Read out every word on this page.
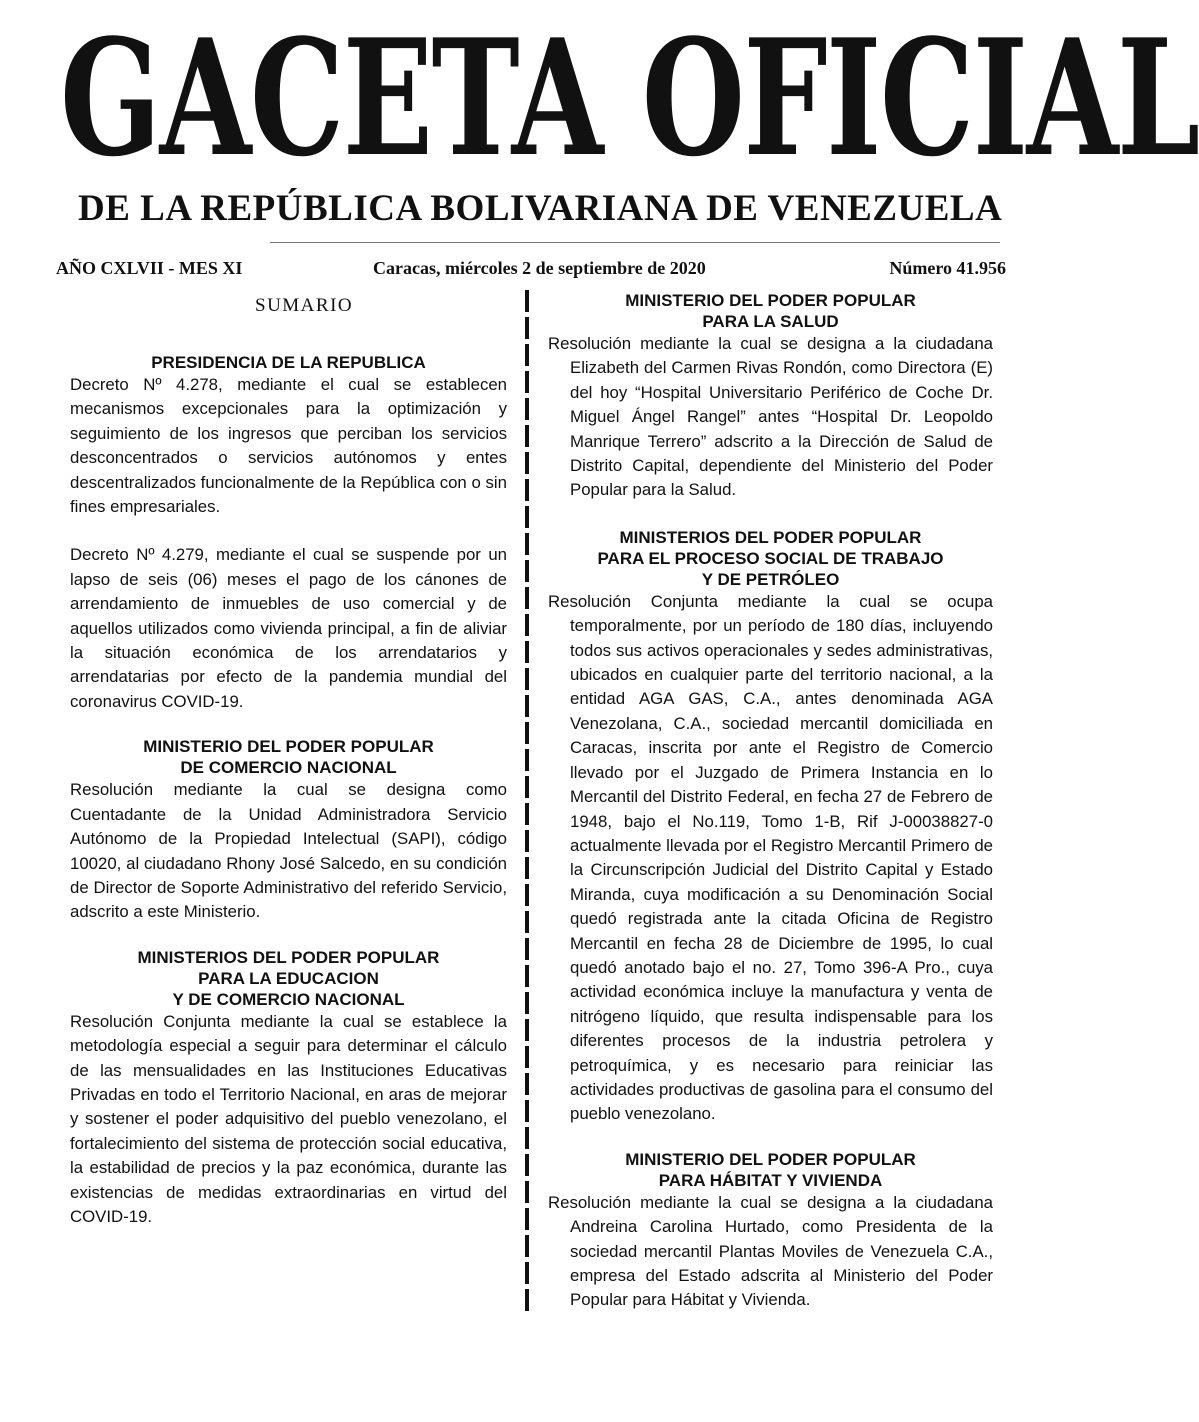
GACETA OFICIAL
DE LA REPÚBLICA BOLIVARIANA DE VENEZUELA
AÑO CXLVII - MES XI	Caracas, miércoles 2 de septiembre de 2020	Número 41.956
SUMARIO
PRESIDENCIA DE LA REPUBLICA

Decreto Nº 4.278, mediante el cual se establecen mecanismos excepcionales para la optimización y seguimiento de los ingresos que perciban los servicios desconcentrados o servicios autónomos y entes descentralizados funcionalmente de la República con o sin fines empresariales.

Decreto Nº 4.279, mediante el cual se suspende por un lapso de seis (06) meses el pago de los cánones de arrendamiento de inmuebles de uso comercial y de aquellos utilizados como vivienda principal, a fin de aliviar la situación económica de los arrendatarios y arrendatarias por efecto de la pandemia mundial del coronavirus COVID-19.

MINISTERIO DEL PODER POPULAR
DE COMERCIO NACIONAL

Resolución mediante la cual se designa como Cuentadante de la Unidad Administradora Servicio Autónomo de la Propiedad Intelectual (SAPI), código 10020, al ciudadano Rhony José Salcedo, en su condición de Director de Soporte Administrativo del referido Servicio, adscrito a este Ministerio.

MINISTERIOS DEL PODER POPULAR
PARA LA EDUCACION
Y DE COMERCIO NACIONAL

Resolución Conjunta mediante la cual se establece la metodología especial a seguir para determinar el cálculo de las mensualidades en las Instituciones Educativas Privadas en todo el Territorio Nacional, en aras de mejorar y sostener el poder adquisitivo del pueblo venezolano, el fortalecimiento del sistema de protección social educativa, la estabilidad de precios y la paz económica, durante las existencias de medidas extraordinarias en virtud del COVID-19.

MINISTERIO DEL PODER POPULAR
PARA LA SALUD

Resolución mediante la cual se designa a la ciudadana Elizabeth del Carmen Rivas Rondón, como Directora (E) del hoy “Hospital Universitario Periférico de Coche Dr. Miguel Ángel Rangel” antes “Hospital Dr. Leopoldo Manrique Terrero” adscrito a la Dirección de Salud de Distrito Capital, dependiente del Ministerio del Poder Popular para la Salud.

MINISTERIOS DEL PODER POPULAR
PARA EL PROCESO SOCIAL DE TRABAJO
Y DE PETRÓLEO

Resolución Conjunta mediante la cual se ocupa temporalmente, por un período de 180 días, incluyendo todos sus activos operacionales y sedes administrativas, ubicados en cualquier parte del territorio nacional, a la entidad AGA GAS, C.A., antes denominada AGA Venezolana, C.A., sociedad mercantil domiciliada en Caracas, inscrita por ante el Registro de Comercio llevado por el Juzgado de Primera Instancia en lo Mercantil del Distrito Federal, en fecha 27 de Febrero de 1948, bajo el No.119, Tomo 1-B, Rif J-00038827-0 actualmente llevada por el Registro Mercantil Primero de la Circunscripción Judicial del Distrito Capital y Estado Miranda, cuya modificación a su Denominación Social quedó registrada ante la citada Oficina de Registro Mercantil en fecha 28 de Diciembre de 1995, lo cual quedó anotado bajo el no. 27, Tomo 396-A Pro., cuya actividad económica incluye la manufactura y venta de nitrógeno líquido, que resulta indispensable para los diferentes procesos de la industria petrolera y petroquímica, y es necesario para reiniciar las actividades productivas de gasolina para el consumo del pueblo venezolano.

MINISTERIO DEL PODER POPULAR
PARA HÁBITAT Y VIVIENDA

Resolución mediante la cual se designa a la ciudadana Andreina Carolina Hurtado, como Presidenta de la sociedad mercantil Plantas Moviles de Venezuela C.A., empresa del Estado adscrita al Ministerio del Poder Popular para Hábitat y Vivienda.
